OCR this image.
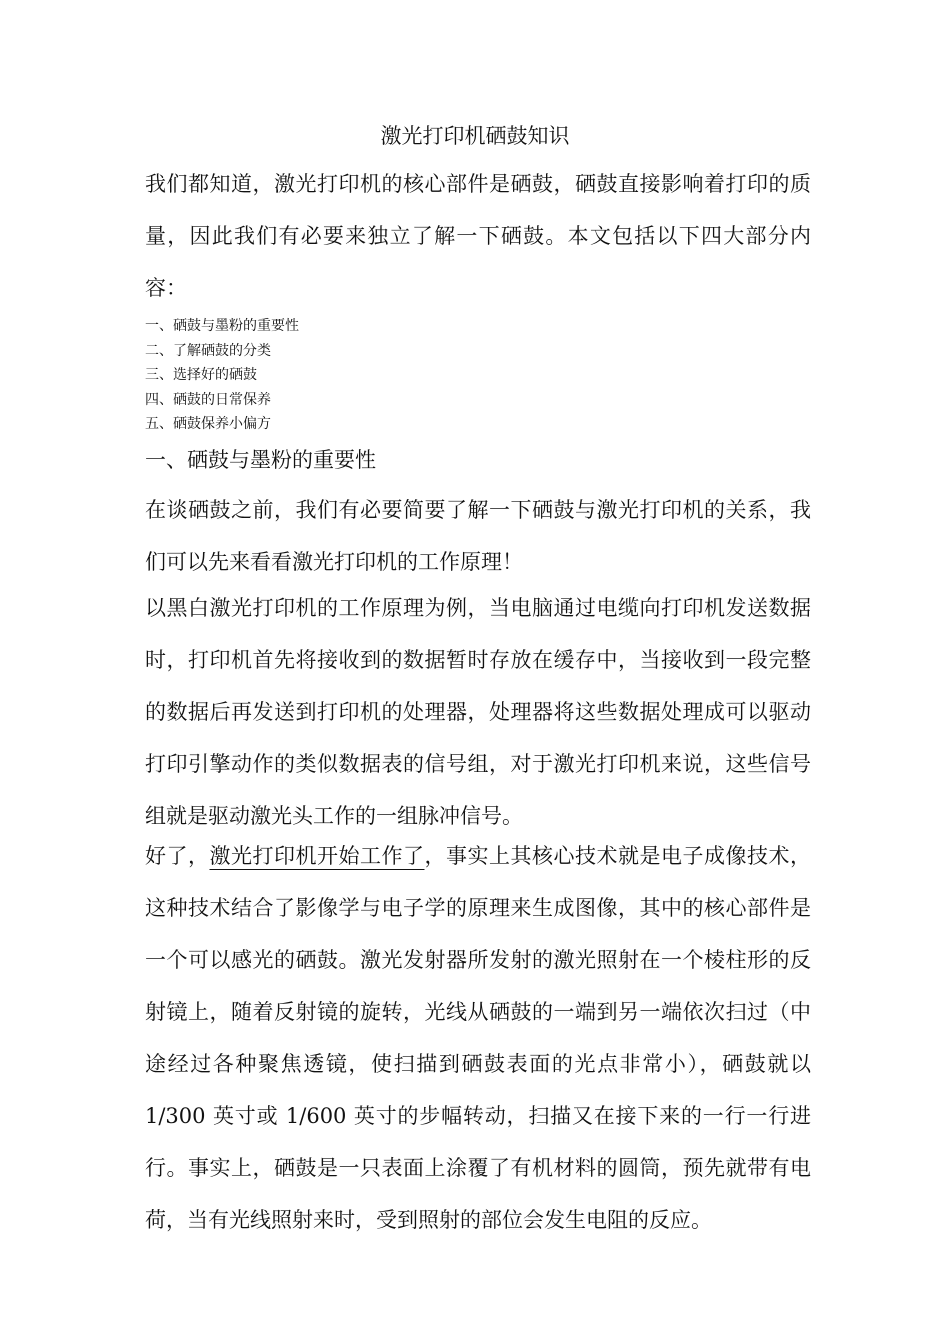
激光打印机硒鼓知识

我们都知道，激光打印机的核心部件是硒鼓，硒鼓直接影响着打印的质量，因此我们有必要来独立了解一下硒鼓。本文包括以下四大部分内容：

一、硒鼓与墨粉的重要性
二、了解硒鼓的分类
三、选择好的硒鼓
四、硒鼓的日常保养
五、硒鼓保养小偏方
一、硒鼓与墨粉的重要性

在谈硒鼓之前，我们有必要简要了解一下硒鼓与激光打印机的关系，我们可以先来看看激光打印机的工作原理！

以黑白激光打印机的工作原理为例，当电脑通过电缆向打印机发送数据时，打印机首先将接收到的数据暂时存放在缓存中，当接收到一段完整的数据后再发送到打印机的处理器，处理器将这些数据处理成可以驱动打印引擎动作的类似数据表的信号组，对于激光打印机来说，这些信号组就是驱动激光头工作的一组脉冲信号。

好了，激光打印机开始工作了，事实上其核心技术就是电子成像技术，这种技术结合了影像学与电子学的原理来生成图像，其中的核心部件是一个可以感光的硒鼓。激光发射器所发射的激光照射在一个棱柱形的反射镜上，随着反射镜的旋转，光线从硒鼓的一端到另一端依次扫过（中途经过各种聚焦透镜，使扫描到硒鼓表面的光点非常小），硒鼓就以 1/300 英寸或 1/600 英寸的步幅转动，扫描又在接下来的一行一行进行。事实上，硒鼓是一只表面上涂覆了有机材料的圆筒，预先就带有电荷，当有光线照射来时，受到照射的部位会发生电阻的反应。
